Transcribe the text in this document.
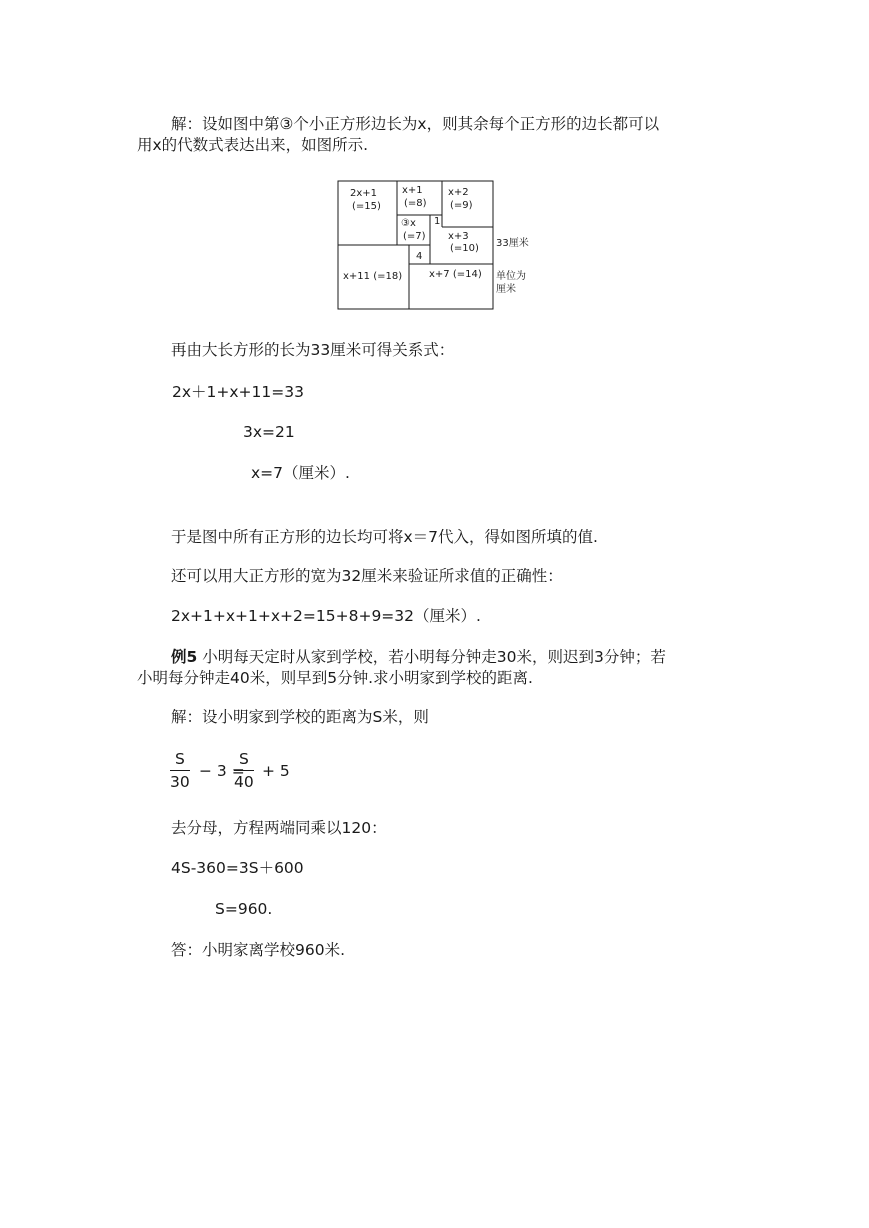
解：设如图中第③个小正方形边长为x，则其余每个正方形的边长都可以
用x的代数式表达出来，如图所示.
2x+1
(=15)
x+1
(=8)
x+2
(=9)
③x
(=7)
1
x+3
(=10)
4
x+11 (=18)	x+7 (=14)
33厘米
单位为
厘米
再由大长方形的长为33厘米可得关系式：
2x＋1+x+11=33
3x=21
x=7（厘米）.
于是图中所有正方形的边长均可将x＝7代入，得如图所填的值.
还可以用大正方形的宽为32厘米来验证所求值的正确性：
2x+1+x+1+x+2=15+8+9=32（厘米）.
例5 小明每天定时从家到学校，若小明每分钟走30米，则迟到3分钟；若
小明每分钟走40米，则早到5分钟.求小明家到学校的距离.
解：设小明家到学校的距离为S米，则
S
30
− 3 =
S
40
+ 5
去分母，方程两端同乘以120：
4S-360=3S＋600
S=960.
答：小明家离学校960米.
